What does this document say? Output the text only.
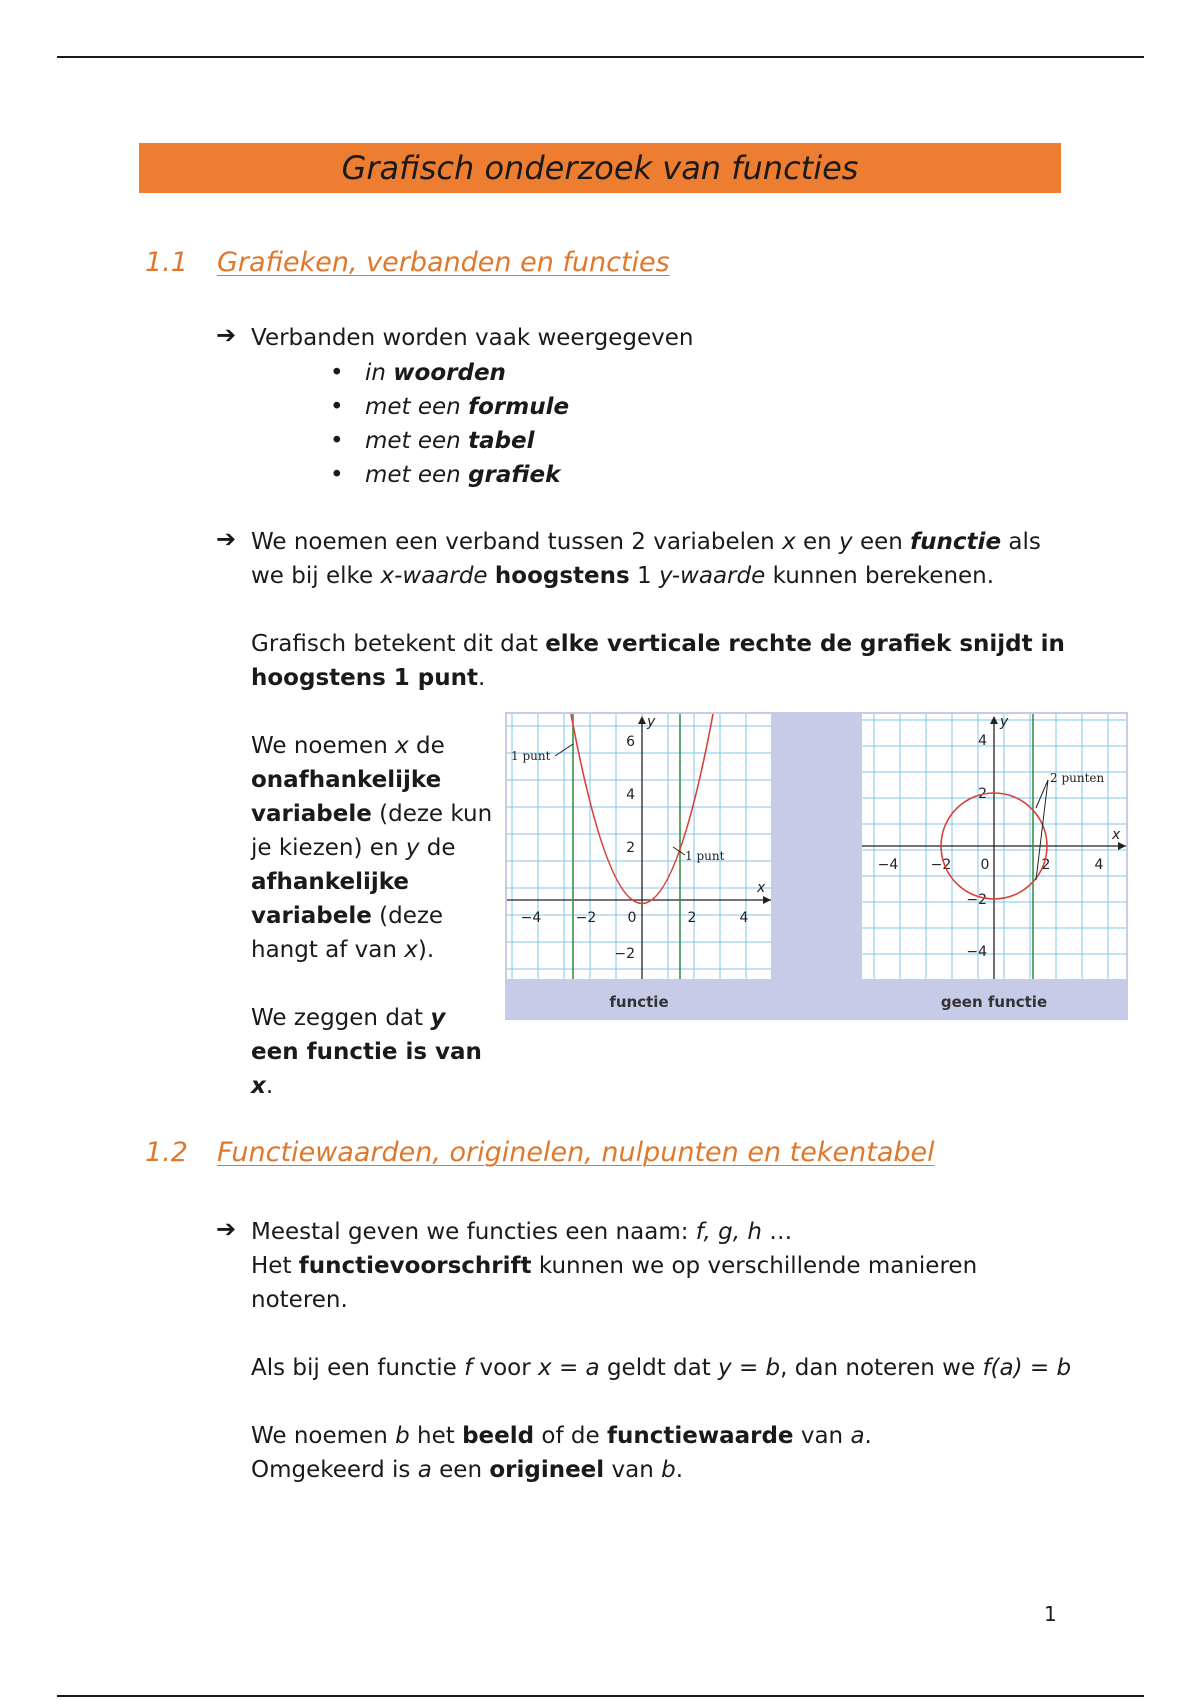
Grafisch onderzoek van functies
1.1 Grafieken, verbanden en functies
➔ Verbanden worden vaak weergegeven
• in woorden
• met een formule
• met een tabel
• met een grafiek
➔ We noemen een verband tussen 2 variabelen x en y een functie als
we bij elke x-waarde hoogstens 1 y-waarde kunnen berekenen.
Grafisch betekent dit dat elke verticale rechte de grafiek snijdt in
hoogstens 1 punt.
We noemen x de
onafhankelijke
variabele (deze kun
je kiezen) en y de
afhankelijke
variabele (deze
hangt af van x).
We zeggen dat y
een functie is van x.
−4 −2 0	2	4
6
4
2
−2
x
y
1 punt
1 punt
−4 −2 0	2	4
4
2
−2
−4
x
y
2 punten
functie	geen functie
1.2 Functiewaarden, originelen, nulpunten en tekentabel
➔ Meestal geven we functies een naam: f, g, h …
Het functievoorschrift kunnen we op verschillende manieren
noteren.
Als bij een functie f voor x = a geldt dat y = b, dan noteren we f(a) = b
We noemen b het beeld of de functiewaarde van a.
Omgekeerd is a een origineel van b.
1
